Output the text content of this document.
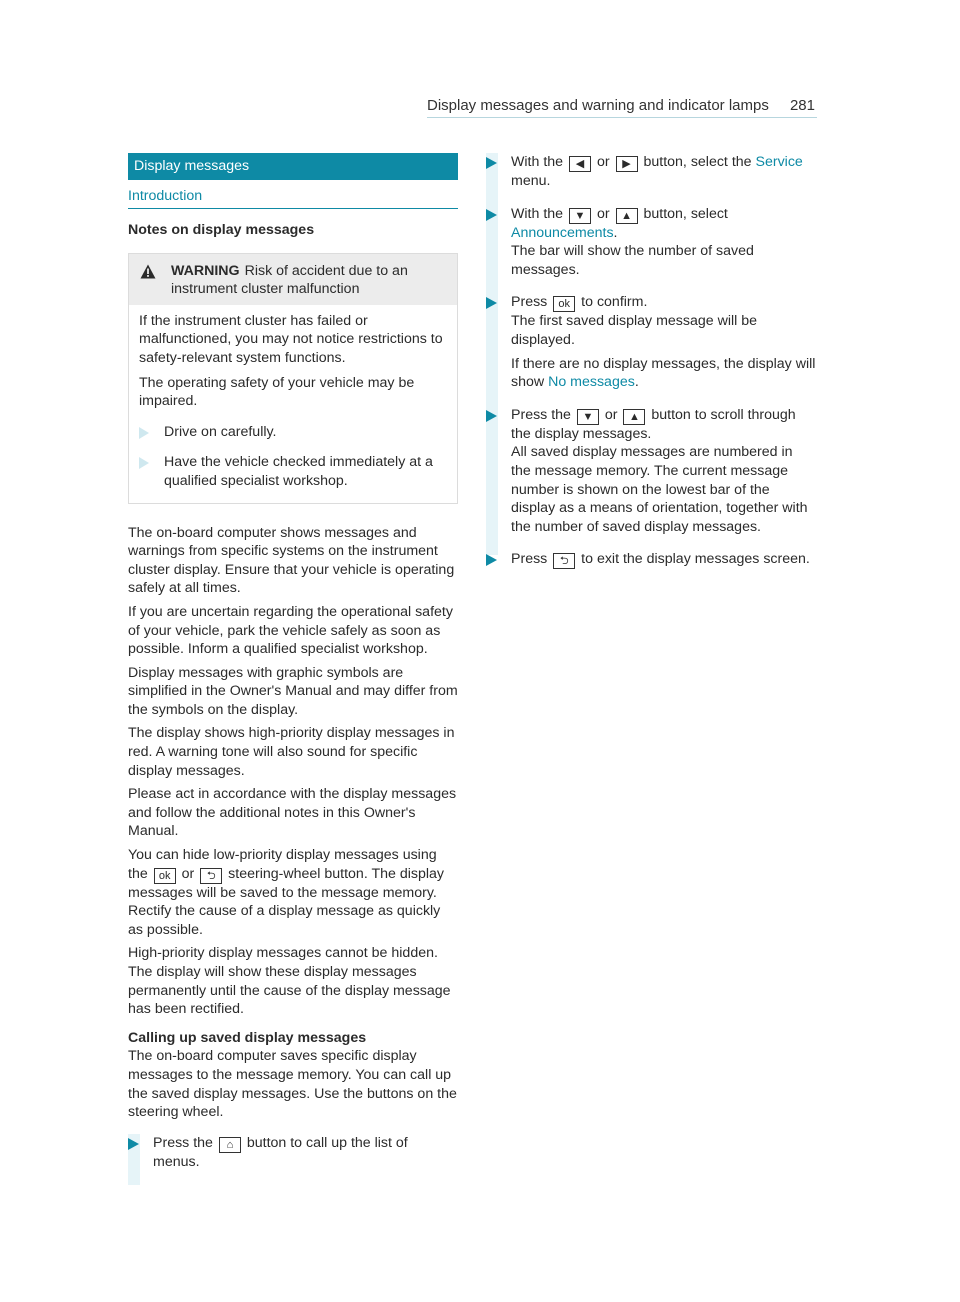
Display messages and warning and indicator lamps 281
Display messages
Introduction
Notes on display messages
WARNING Risk of accident due to an instrument cluster malfunction

If the instrument cluster has failed or malfunctioned, you may not notice restrictions to safety-relevant system functions.

The operating safety of your vehicle may be impaired.

Drive on carefully.
Have the vehicle checked immediately at a qualified specialist workshop.

The on-board computer shows messages and warnings from specific systems on the instrument cluster display. Ensure that your vehicle is operating safely at all times.

If you are uncertain regarding the operational safety of your vehicle, park the vehicle safely as soon as possible. Inform a qualified specialist workshop.

Display messages with graphic symbols are simplified in the Owner's Manual and may differ from the symbols on the display.

The display shows high-priority display messages in red. A warning tone will also sound for specific display messages.

Please act in accordance with the display messages and follow the additional notes in this Owner's Manual.

You can hide low-priority display messages using the ok or ⮌ steering-wheel button. The display messages will be saved to the message memory. Rectify the cause of a display message as quickly as possible.

High-priority display messages cannot be hidden. The display will show these display messages permanently until the cause of the display message has been rectified.

Calling up saved display messages

The on-board computer saves specific display messages to the message memory. You can call up the saved display messages. Use the buttons on the steering wheel.

Press the ⌂ button to call up the list of menus.

With the ◀ or ▶ button, select the Service menu.

With the ▼ or ▲ button, select Announcements.

The bar will show the number of saved messages.

Press ok to confirm.

The first saved display message will be displayed.

If there are no display messages, the display will show No messages.

Press the ▼ or ▲ button to scroll through the display messages.

All saved display messages are numbered in the message memory. The current message number is shown on the lowest bar of the display as a means of orientation, together with the number of saved display messages.

Press ⮌ to exit the display messages screen.
